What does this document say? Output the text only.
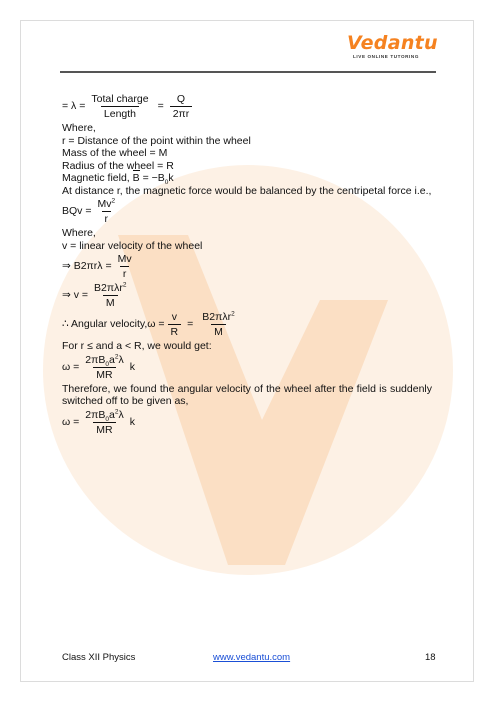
Vedantu
LIVE ONLINE TUTORING
= $\lambda = \frac{\text{Total charge}}{\text{Length}} = \frac{Q}{2\pi r}$
Where,
r = Distance of the point within the wheel
Mass of the wheel = M
Radius of the wheel = R
Magnetic field, $B = -B_0k$
At distance r, the magnetic force would be balanced by the centripetal force i.e.,
BQv = $\frac{Mv^2}{r}$
Where,
v = linear velocity of the wheel
⇒ $B2\pi r\lambda = \frac{Mv}{r}$
⇒ $v = \frac{B2\pi\lambda r^2}{M}$
∴ Angular velocity,ω = $\frac{v}{R} = \frac{B2\pi\lambda r^2}{M}$
For r ≤ and a < R, we would get:
$\omega = \frac{2\pi B_0a^2\lambda}{MR}$ k
Therefore, we found the angular velocity of the wheel after the field is suddenly switched off to be given as,
$\omega = \frac{2\pi B_0a^2\lambda}{MR}$ k
Class XII Physics	www.vedantu.com	18
